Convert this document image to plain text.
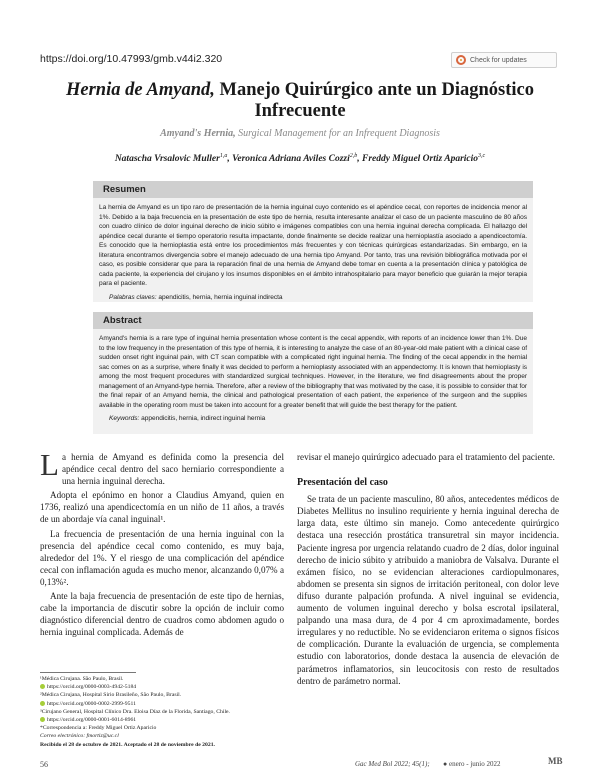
https://doi.org/10.47993/gmb.v44i2.320	Check for updates
Hernia de Amyand, Manejo Quirúrgico ante un Diagnóstico Infrecuente
Amyand's Hernia, Surgical Management for an Infrequent Diagnosis
Natascha Vrsalovic Muller$^{1,a}$, Veronica Adriana Aviles Cozzi$^{2,b}$, Freddy Miguel Ortiz Aparicio$^{3,c}$
Resumen
La hernia de Amyand es un tipo raro de presentación de la hernia inguinal cuyo contenido es el apéndice cecal, con reportes de incidencia menor al 1%. Debido a la baja frecuencia en la presentación de este tipo de hernia, resulta interesante analizar el caso de un paciente masculino de 80 años con cuadro clínico de dolor inguinal derecho de inicio súbito e imágenes compatibles con una hernia inguinal derecha complicada. El hallazgo del apéndice cecal durante el tiempo operatorio resulta impactante, donde finalmente se decide realizar una hernioplastía asociado a apendicectomía. Es conocido que la hernioplastia está entre los procedimientos más frecuentes y con técnicas quirúrgicas estandarizadas. Sin embargo, en la literatura encontramos divergencia sobre el manejo adecuado de una hernia tipo Amyand. Por tanto, tras una revisión bibliográfica motivada por el caso, es posible considerar que para la reparación final de una hernia de Amyand debe tomar en cuenta a la presentación clínica y patológica de cada paciente, la experiencia del cirujano y los insumos disponibles en el ámbito intrahospitalario para mayor beneficio que guiarán la mejor terapia para el paciente.
Palabras claves: apendicitis, hernia, hernia inguinal indirecta
Abstract
Amyand's hernia is a rare type of inguinal hernia presentation whose content is the cecal appendix, with reports of an incidence lower than 1%. Due to the low frequency in the presentation of this type of hernia, it is interesting to analyze the case of an 80-year-old male patient with a clinical case of sudden onset right inguinal pain, with CT scan compatible with a complicated right inguinal hernia. The finding of the cecal appendix in the hernial sac comes on as a surprise, where finally it was decided to perform a hernioplasty associated with an appendectomy. It is known that hernioplasty is among the most frequent procedures with standardized surgical techniques. However, in the literature, we find disagreements about the proper management of an Amyand-type hernia. Therefore, after a review of the bibliography that was motivated by the case, it is possible to consider that for the final repair of an Amyand hernia, the clinical and pathological presentation of each patient, the experience of the surgeon and the supplies available in the operating room must be taken into account for a greater benefit that will guide the best therapy for the patient.
Keywords: appendicitis, hernia, indirect inguinal hernia

La hernia de Amyand es definida como la presencia del apéndice cecal dentro del saco herniario correspondiente a una hernia inguinal derecha.

Adopta el epónimo en honor a Claudius Amyand, quien en 1736, realizó una apendicectomía en un niño de 11 años, a través de un abordaje vía canal inguinal¹.

La frecuencia de presentación de una hernia inguinal con la presencia del apéndice cecal como contenido, es muy baja, alrededor del 1%. Y el riesgo de una complicación del apéndice cecal con inflamación aguda es mucho menor, alcanzando 0,07% a 0,13%².

Ante la baja frecuencia de presentación de este tipo de hernias, cabe la importancia de discutir sobre la opción de incluir como diagnóstico diferencial dentro de cuadros como abdomen agudo o hernia inguinal complicada. Además de

revisar el manejo quirúrgico adecuado para el tratamiento del paciente.

Presentación del caso

Se trata de un paciente masculino, 80 años, antecedentes médicos de Diabetes Mellitus no insulino requiriente y hernia inguinal derecha de larga data, este último sin manejo. Como antecedente quirúrgico destaca una resección prostática transuretral sin mayor incidencia. Paciente ingresa por urgencia relatando cuadro de 2 días, dolor inguinal derecho de inicio súbito y atribuido a maniobra de Valsalva. Durante el exámen físico, no se evidencian alteraciones cardiopulmonares, abdomen se presenta sin signos de irritación peritoneal, con dolor leve difuso durante palpación profunda. A nivel inguinal se evidencia, aumento de volumen inguinal derecho y bolsa escrotal ipsilateral, palpando una masa dura, de 4 por 4 cm aproximadamente, bordes irregulares y no reductible. No se evidenciaron eritema o signos físicos de complicación. Durante la evaluación de urgencia, se complementa estudio con laboratorios, donde destaca la ausencia de elevación de parámetros inflamatorios, sin leucocitosis con resto de resultados dentro de parámetro normal.

¹Médica Cirujana. São Paulo, Brasil.
https://orcid.org/0000-0003-4942-5184
²Médica Cirujana, Hospital Sirio Brasileño, São Paulo, Brasil.
https://orcid.org/0000-0002-2999-9511
³Cirujano General, Hospital Clínico Dra. Eloisa Díaz de la Florida, Santiago, Chile.
https://orcid.org/0000-0001-6014-8961
*Correspondencia a: Freddy Miguel Ortiz Aparicio
Correo electrónico: fmortiz@uc.cl
Recibido el 28 de octubre de 2021. Aceptado el 28 de noviembre de 2021.
56	Gac Med Bol 2022; 45(1); ● enero - junio 2022	MB
